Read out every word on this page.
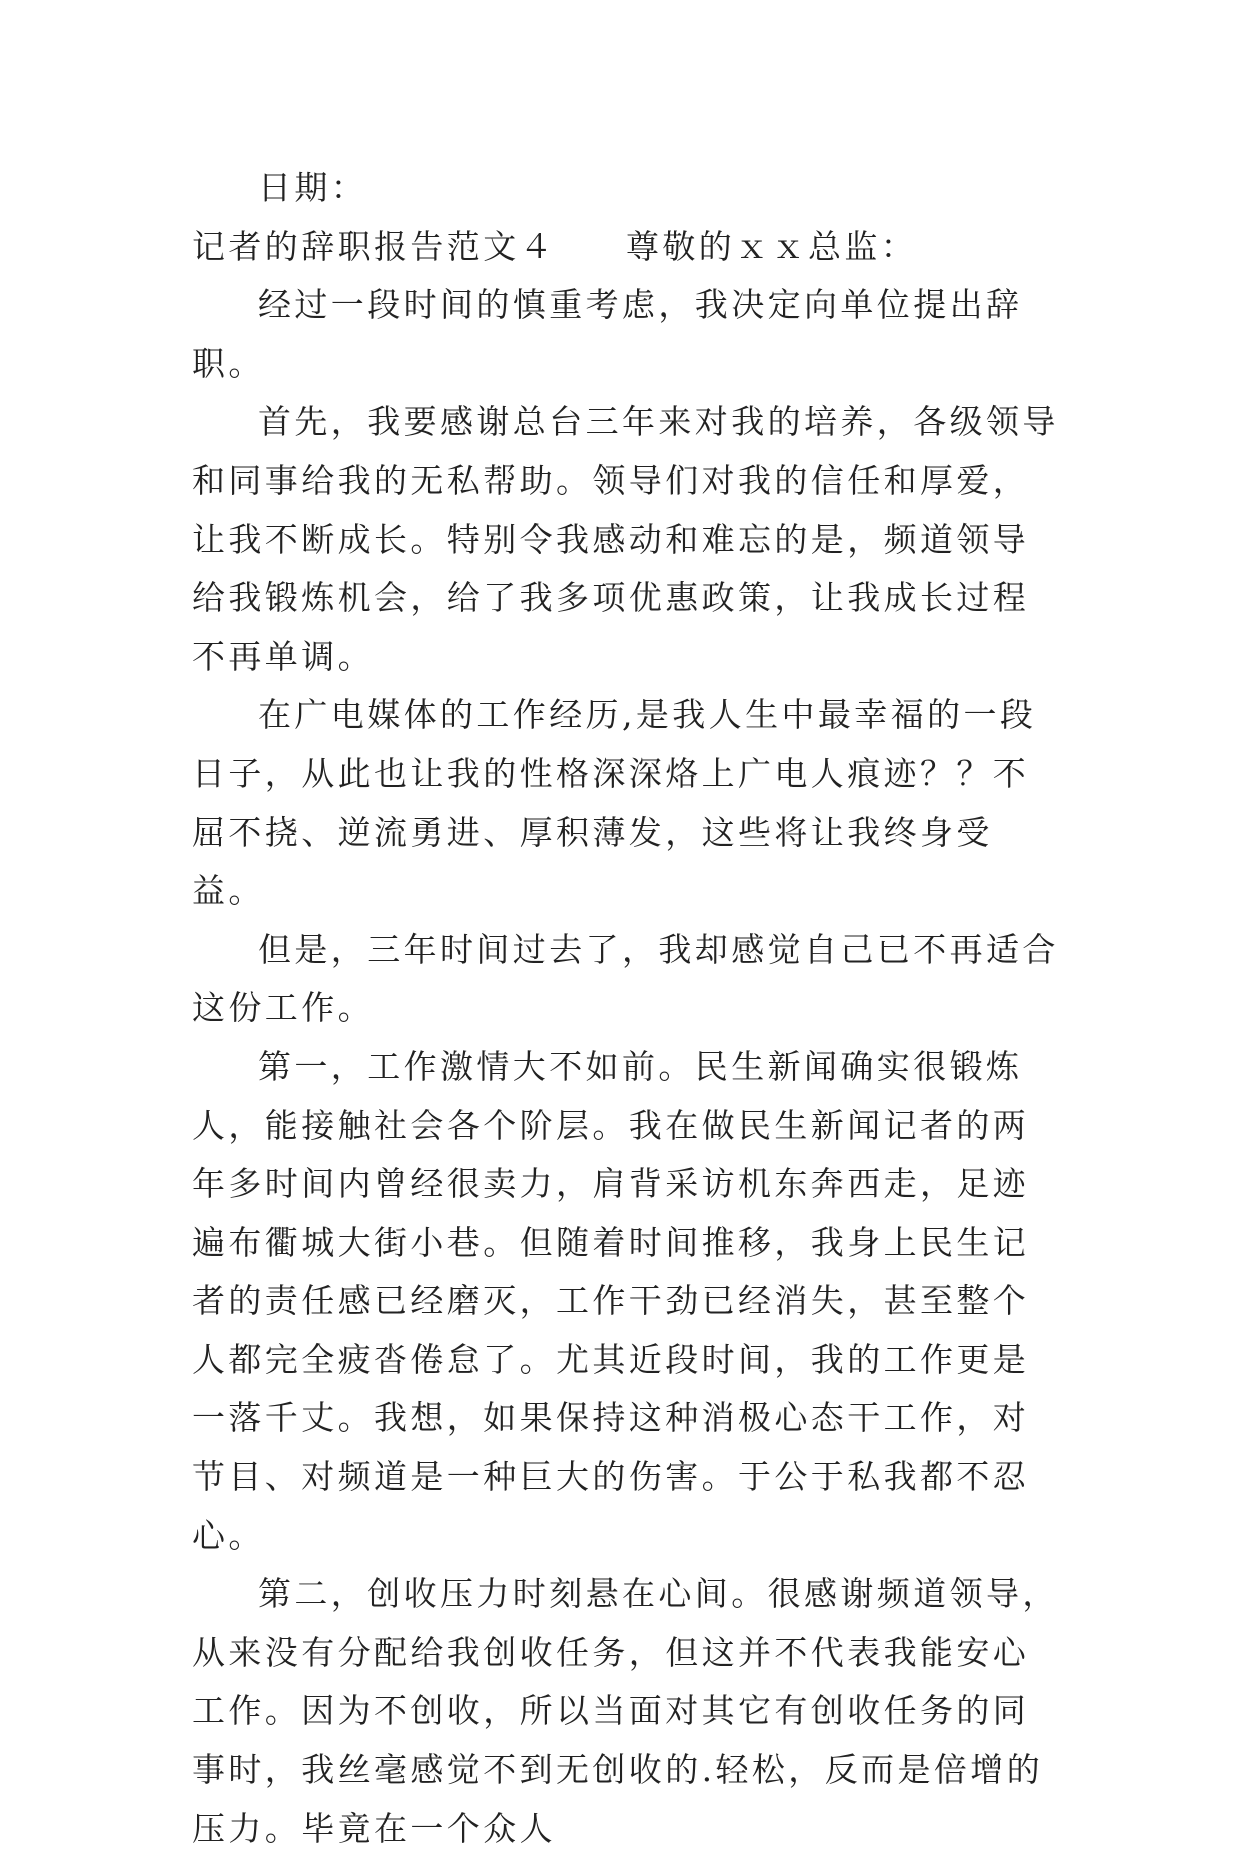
日期：

记者的辞职报告范文４ 尊敬的ｘｘ总监：

经过一段时间的慎重考虑，我决定向单位提出辞职。

首先，我要感谢总台三年来对我的培养，各级领导和同事给我的无私帮助。领导们对我的信任和厚爱，让我不断成长。特别令我感动和难忘的是，频道领导给我锻炼机会，给了我多项优惠政策，让我成长过程不再单调。

在广电媒体的工作经历,是我人生中最幸福的一段日子，从此也让我的性格深深烙上广电人痕迹？？不屈不挠、逆流勇进、厚积薄发，这些将让我终身受益。

但是，三年时间过去了，我却感觉自己已不再适合这份工作。

第一，工作激情大不如前。民生新闻确实很锻炼人，能接触社会各个阶层。我在做民生新闻记者的两年多时间内曾经很卖力，肩背采访机东奔西走，足迹遍布衢城大街小巷。但随着时间推移，我身上民生记者的责任感已经磨灭，工作干劲已经消失，甚至整个人都完全疲沓倦怠了。尤其近段时间，我的工作更是一落千丈。我想，如果保持这种消极心态干工作，对节目、对频道是一种巨大的伤害。于公于私我都不忍心。

第二，创收压力时刻悬在心间。很感谢频道领导，从来没有分配给我创收任务，但这并不代表我能安心工作。因为不创收，所以当面对其它有创收任务的同事时，我丝毫感觉不到无创收的.轻松，反而是倍增的压力。毕竟在一个众人
